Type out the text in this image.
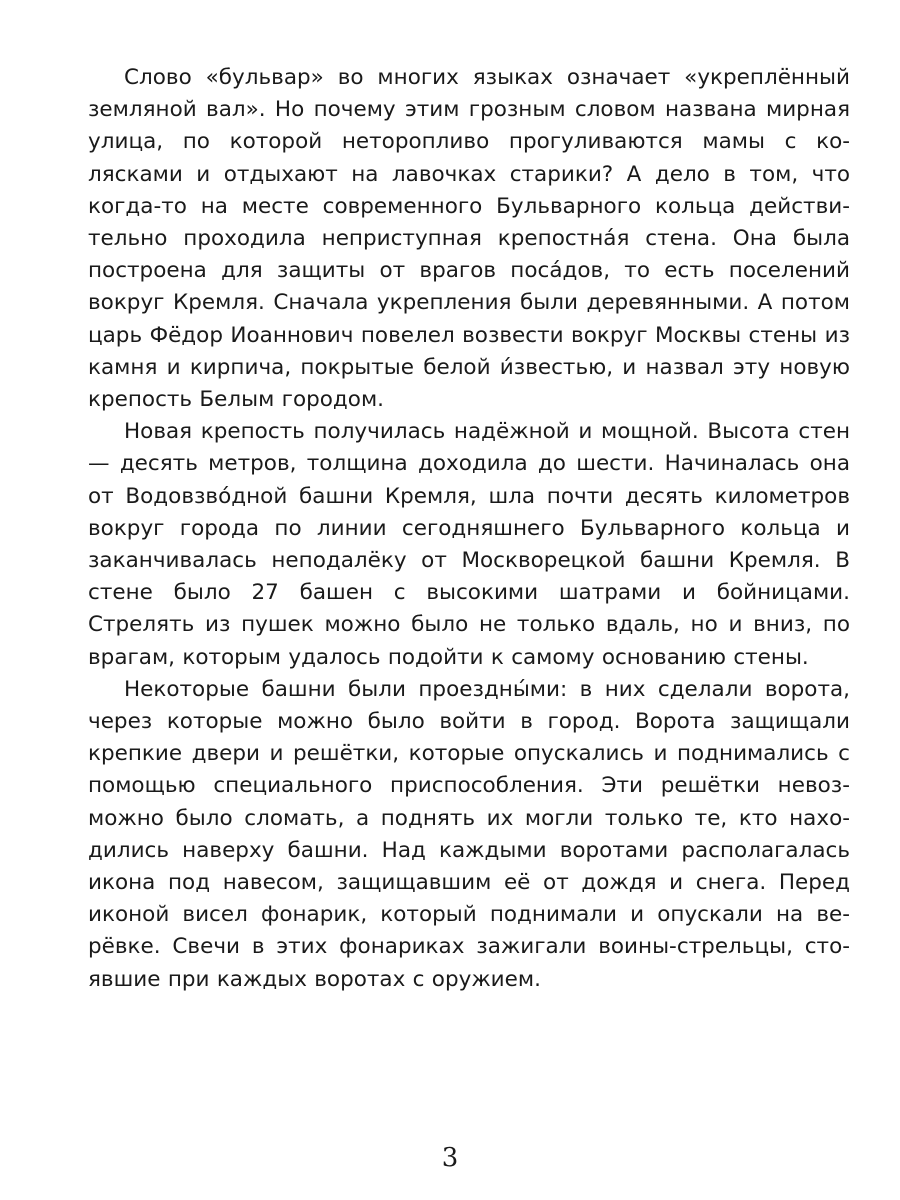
Слово «бульвар» во многих языках означает «укреплённый земляной вал». Но почему этим грозным словом названа мирная улица, по которой неторопливо прогуливаются мамы с колясками и отдыхают на лавочках старики? А дело в том, что когда-то на месте современного Бульварного кольца действительно проходила неприступная крепостна́я стена. Она была построена для защиты от врагов поса́дов, то есть поселений вокруг Кремля. Сначала укрепления были деревянными. А потом царь Фёдор Иоаннович повелел возвести вокруг Москвы стены из камня и кирпича, покрытые белой и́звестью, и назвал эту новую крепость Белым городом.

Новая крепость получилась надёжной и мощной. Высота стен — десять метров, толщина доходила до шести. Начиналась она от Водовзво́дной башни Кремля, шла почти десять километров вокруг города по линии сегодняшнего Бульварного кольца и заканчивалась неподалёку от Москворецкой башни Кремля. В стене было 27 башен с высокими шатрами и бойницами. Стрелять из пушек можно было не только вдаль, но и вниз, по врагам, которым удалось подойти к самому основанию стены.

Некоторые башни были проездны́ми: в них сделали ворота, через которые можно было войти в город. Ворота защищали крепкие двери и решётки, которые опускались и поднимались с помощью специального приспособления. Эти решётки невозможно было сломать, а поднять их могли только те, кто находились наверху башни. Над каждыми воротами располагалась икона под навесом, защищавшим её от дождя и снега. Перед иконой висел фонарик, который поднимали и опускали на верёвке. Свечи в этих фонариках зажигали воины-стрельцы, стоявшие при каждых воротах с оружием.

3
